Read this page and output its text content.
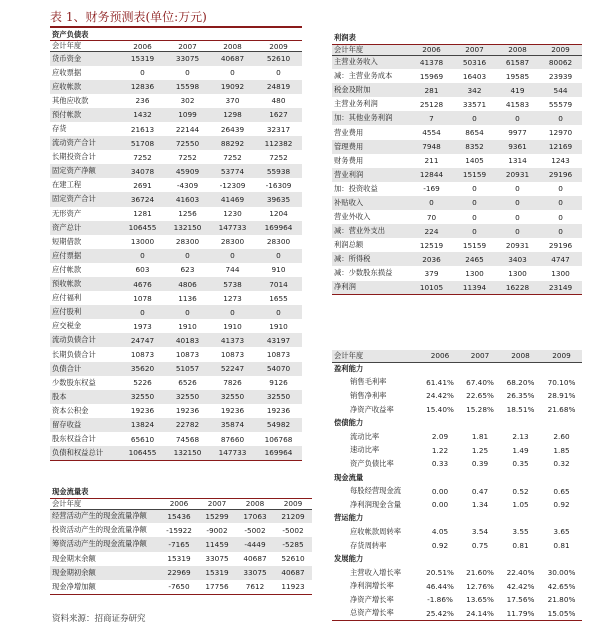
表 1、财务预测表(单位:万元)
资产负债表				
会计年度	2006	2007	2008	2009
货币资金	15319	33075	40687	52610
应收票据	0	0	0	0
应收帐款	12836	15598	19092	24819
其他应收款	236	302	370	480
预付帐款	1432	1099	1298	1627
存货	21613	22144	26439	32317
流动资产合计	51708	72550	88292	112382
长期投资合计	7252	7252	7252	7252
固定资产净额	34078	45909	53774	55938
在建工程	2691	-4309	-12309	-16309
固定资产合计	36724	41603	41469	39635
无形资产	1281	1256	1230	1204
资产总计	106455	132150	147733	169964
短期借款	13000	28300	28300	28300
应付票据	0	0	0	0
应付帐款	603	623	744	910
预收帐款	4676	4806	5738	7014
应付福利	1078	1136	1273	1655
应付股利	0	0	0	0
应交税金	1973	1910	1910	1910
流动负债合计	24747	40183	41373	43197
长期负债合计	10873	10873	10873	10873
负债合计	35620	51057	52247	54070
少数股东权益	5226	6526	7826	9126
股本	32550	32550	32550	32550
资本公积金	19236	19236	19236	19236
留存收益	13824	22782	35874	54982
股东权益合计	65610	74568	87660	106768
负债和权益总计	106455	132150	147733	169964
现金流量表				
会计年度	2006	2007	2008	2009
经营活动产生的现金流量净额	15436	15299	17063	21209
投资活动产生的现金流量净额	-15922	-9002	-5002	-5002
筹资活动产生的现金流量净额	-7165	11459	-4449	-5285
现金期末余额	15319	33075	40687	52610
现金期初余额	22969	15319	33075	40687
现金净增加额	-7650	17756	7612	11923
利润表				
会计年度	2006	2007	2008	2009
主营业务收入	41378	50316	61587	80062
减：主营业务成本	15969	16403	19585	23939
税金及附加	281	342	419	544
主营业务利润	25128	33571	41583	55579
加：其他业务利润	7	0	0	0
营业费用	4554	8654	9977	12970
管理费用	7948	8352	9361	12169
财务费用	211	1405	1314	1243
营业利润	12844	15159	20931	29196
加：投资收益	-169	0	0	0
补贴收入	0	0	0	0
营业外收入	70	0	0	0
减：营业外支出	224	0	0	0
利润总额	12519	15159	20931	29196
减：所得税	2036	2465	3403	4747
减：少数股东损益	379	1300	1300	1300
净利润	10105	11394	16228	23149
会计年度	2006	2007	2008	2009
盈利能力				
销售毛利率	61.41%	67.40%	68.20%	70.10%
销售净利率	24.42%	22.65%	26.35%	28.91%
净资产收益率	15.40%	15.28%	18.51%	21.68%
偿债能力				
流动比率	2.09	1.81	2.13	2.60
速动比率	1.22	1.25	1.49	1.85
资产负债比率	0.33	0.39	0.35	0.32
现金流量				
每股经营现金流	0.00	0.47	0.52	0.65
净利润现金含量	0.00	1.34	1.05	0.92
营运能力				
应收帐款周转率	4.05	3.54	3.55	3.65
存货周转率	0.92	0.75	0.81	0.81
发展能力				
主营收入增长率	20.51%	21.60%	22.40%	30.00%
净利润增长率	46.44%	12.76%	42.42%	42.65%
净资产增长率	-1.86%	13.65%	17.56%	21.80%
总资产增长率	25.42%	24.14%	11.79%	15.05%
资料来源：招商证券研究
